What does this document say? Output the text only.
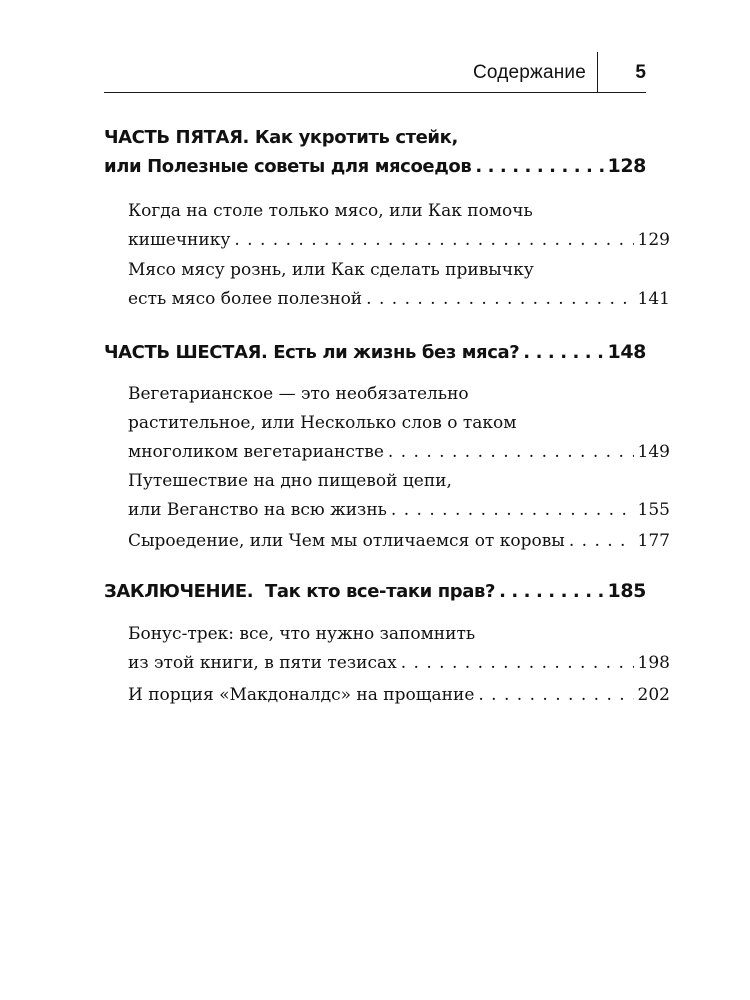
Содержание	5
ЧАСТЬ ПЯТАЯ. Как укротить стейк,
или Полезные советы для мясоедов . . .	128
Когда на столе только мясо, или Как помочь
кишечнику . . .	129
Мясо мясу рознь, или Как сделать привычку
есть мясо более полезной . . .	141
ЧАСТЬ ШЕСТАЯ. Есть ли жизнь без мяса? . . .	148
Вегетарианское — это необязательно
растительное, или Несколько слов о таком
многоликом вегетарианстве . . .	149
Путешествие на дно пищевой цепи,
или Веганство на всю жизнь . . .	155
Сыроедение, или Чем мы отличаемся от коровы . . .	177
ЗАКЛЮЧЕНИЕ.  Так кто все-таки прав? . . .	185
Бонус-трек: все, что нужно запомнить
из этой книги, в пяти тезисах . . .	198
И порция «Макдоналдс» на прощание . . .	202
